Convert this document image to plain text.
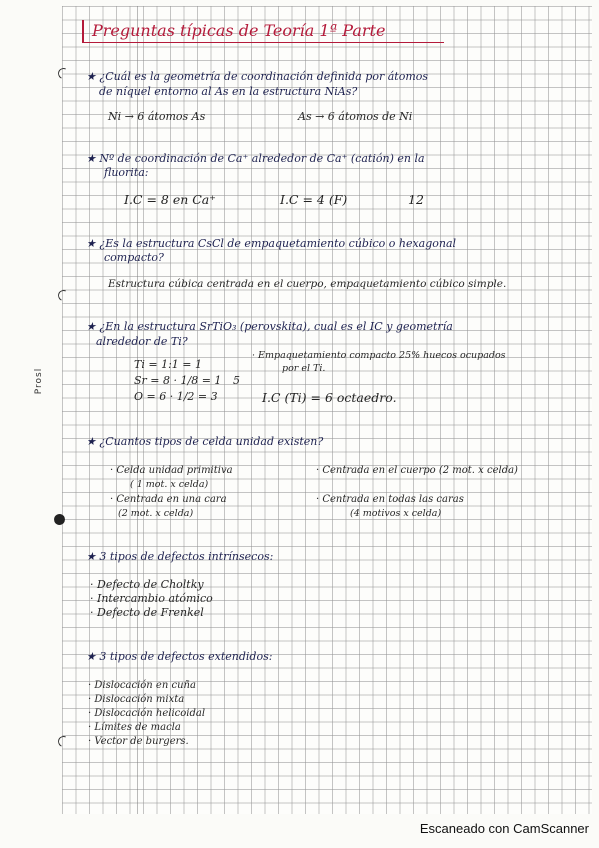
Prosl
Preguntas típicas de Teoría 1ª Parte
★ ¿Cuál es la geometría de coordinación definida por átomos
de níquel entorno al As en la estructura NiAs?
Ni → 6 átomos As	As → 6 átomos de Ni
★ Nº de coordinación de Ca⁺ alrededor de Ca⁺ (catión) en la
fluorita:
I.C = 8 en Ca⁺	I.C = 4 (F)	12
★ ¿Es la estructura CsCl de empaquetamiento cúbico o hexagonal
compacto?
Estructura cúbica centrada en el cuerpo, empaquetamiento cúbico simple.
★ ¿En la estructura SrTiO₃ (perovskita), cual es el IC y geometría
alrededor de Ti?
Ti = 1:1 = 1
Sr = 8 · 1/8 = 1
O = 6 · 1/2 = 3
5
· Empaquetamiento compacto 25% huecos ocupados
por el Ti.
I.C (Ti) = 6 octaedro.
★ ¿Cuantos tipos de celda unidad existen?
· Celda unidad primitiva
( 1 mot. x celda)
· Centrada en una cara
(2 mot. x celda)
· Centrada en el cuerpo (2 mot. x celda)
· Centrada en todas las caras
(4 motivos x celda)
★ 3 tipos de defectos intrínsecos:
· Defecto de Choltky
· Intercambio atómico
· Defecto de Frenkel
★ 3 tipos de defectos extendidos:
· Dislocación en cuña
· Dislocación mixta
· Dislocación helicoidal
· Límites de macla
· Vector de burgers.
Escaneado con CamScanner
